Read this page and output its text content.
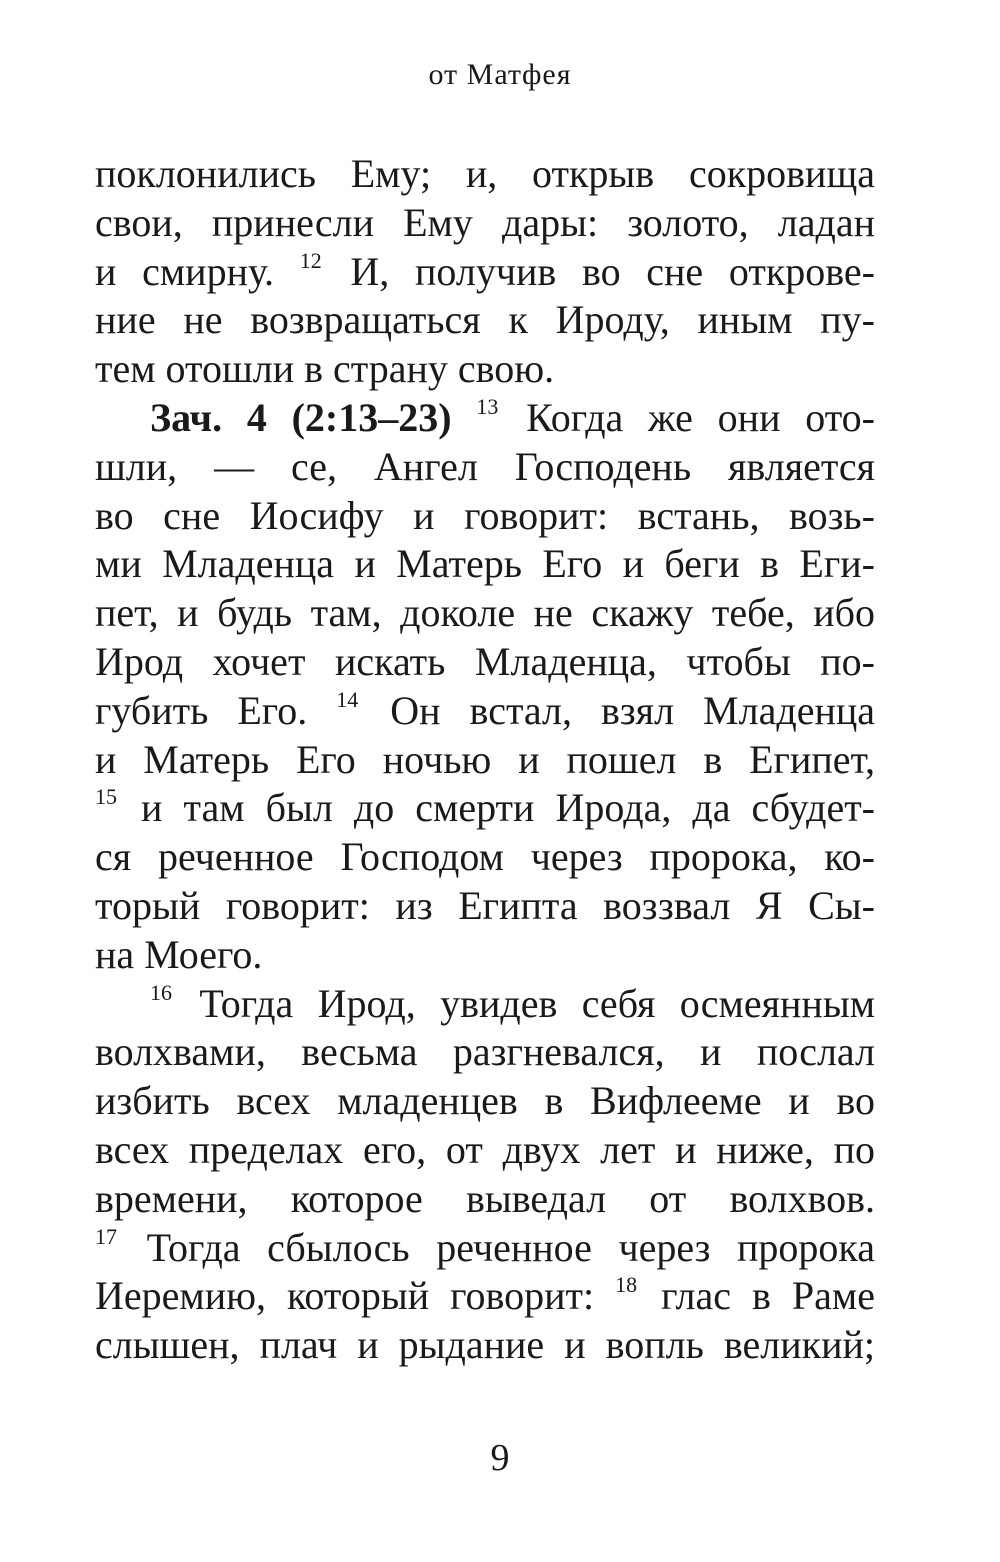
от Матфея
поклонились Ему; и, открыв сокровища
свои, принесли Ему дары: золото, ладан
и смирну. $^{12}$ И, получив во сне открове-
ние не возвращаться к Ироду, иным пу-
тем отошли в страну свою.
Зач. 4 (2:13–23) $^{13}$ Когда же они ото-
шли, — се, Ангел Господень является
во сне Иосифу и говорит: встань, возь-
ми Младенца и Матерь Его и беги в Еги-
пет, и будь там, доколе не скажу тебе, ибо
Ирод хочет искать Младенца, чтобы по-
губить Его. $^{14}$ Он встал, взял Младенца
и Матерь Его ночью и пошел в Египет,
$^{15}$ и там был до смерти Ирода, да сбудет-
ся реченное Господом через пророка, ко-
торый говорит: из Египта воззвал Я Сы-
на Моего.
$^{16}$ Тогда Ирод, увидев себя осмеянным
волхвами, весьма разгневался, и послал
избить всех младенцев в Вифлееме и во
всех пределах его, от двух лет и ниже, по
времени, которое выведал от волхвов.
$^{17}$ Тогда сбылось реченное через пророка
Иеремию, который говорит: $^{18}$ глас в Раме
слышен, плач и рыдание и вопль великий;
9
